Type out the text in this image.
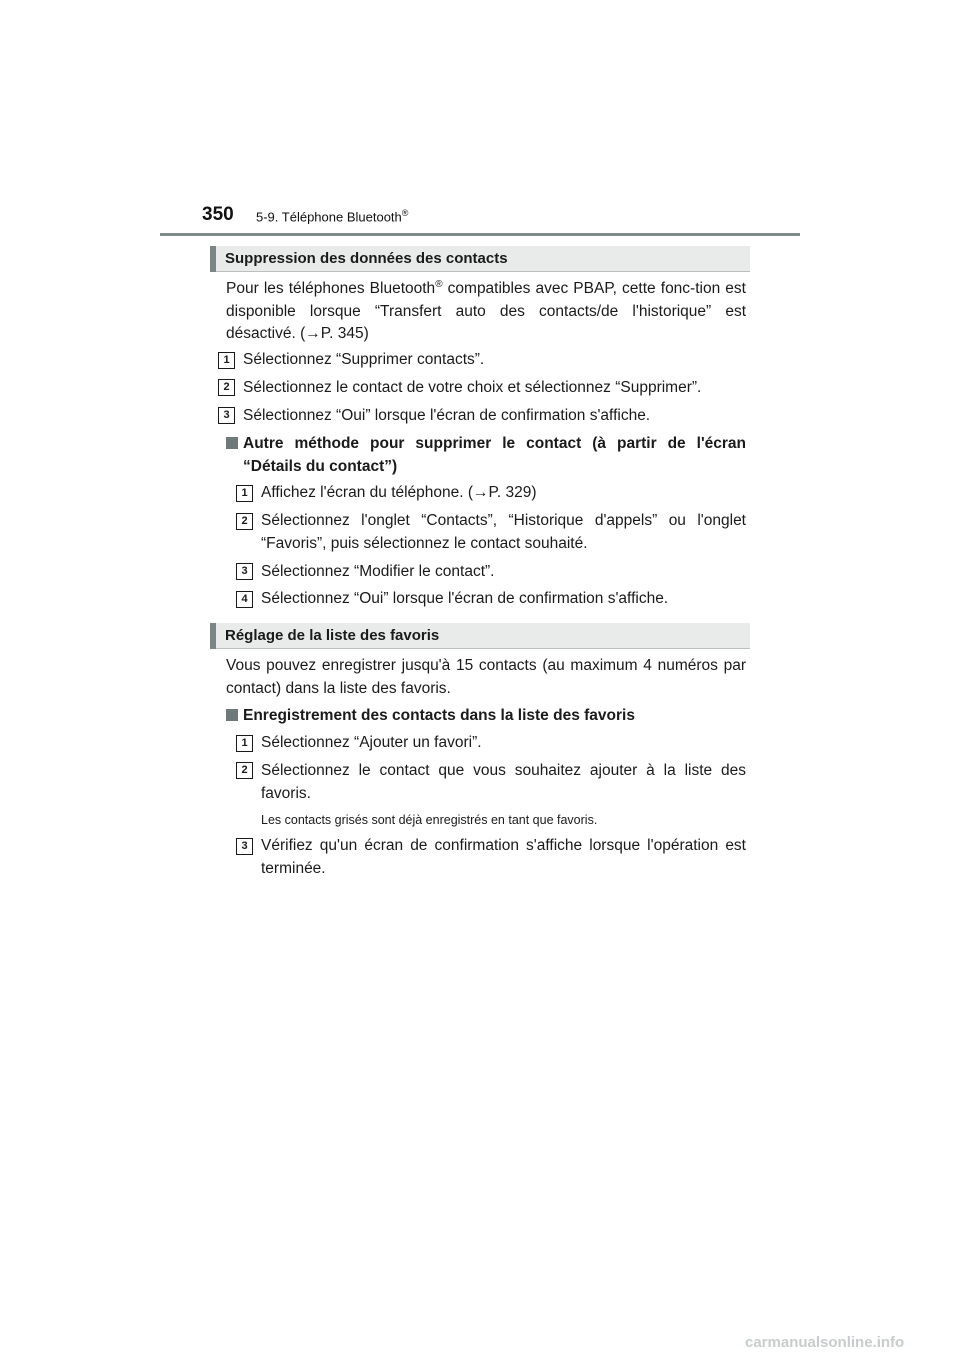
350 5-9. Téléphone Bluetooth®
Suppression des données des contacts
Pour les téléphones Bluetooth® compatibles avec PBAP, cette fonc-tion est disponible lorsque “Transfert auto des contacts/de l'historique” est désactivé. (→P. 345)
1 Sélectionnez “Supprimer contacts”.
2 Sélectionnez le contact de votre choix et sélectionnez “Supprimer”.
3 Sélectionnez “Oui” lorsque l'écran de confirmation s'affiche.
Autre méthode pour supprimer le contact (à partir de l'écran “Détails du contact”)
1 Affichez l'écran du téléphone. (→P. 329)
2 Sélectionnez l'onglet “Contacts”, “Historique d'appels” ou l'onglet “Favoris”, puis sélectionnez le contact souhaité.
3 Sélectionnez “Modifier le contact”.
4 Sélectionnez “Oui” lorsque l'écran de confirmation s'affiche.
Réglage de la liste des favoris
Vous pouvez enregistrer jusqu'à 15 contacts (au maximum 4 numéros par contact) dans la liste des favoris.
Enregistrement des contacts dans la liste des favoris
1 Sélectionnez “Ajouter un favori”.
2 Sélectionnez le contact que vous souhaitez ajouter à la liste des favoris.
Les contacts grisés sont déjà enregistrés en tant que favoris.
3 Vérifiez qu'un écran de confirmation s'affiche lorsque l'opération est terminée.
carmanualsonline.info
